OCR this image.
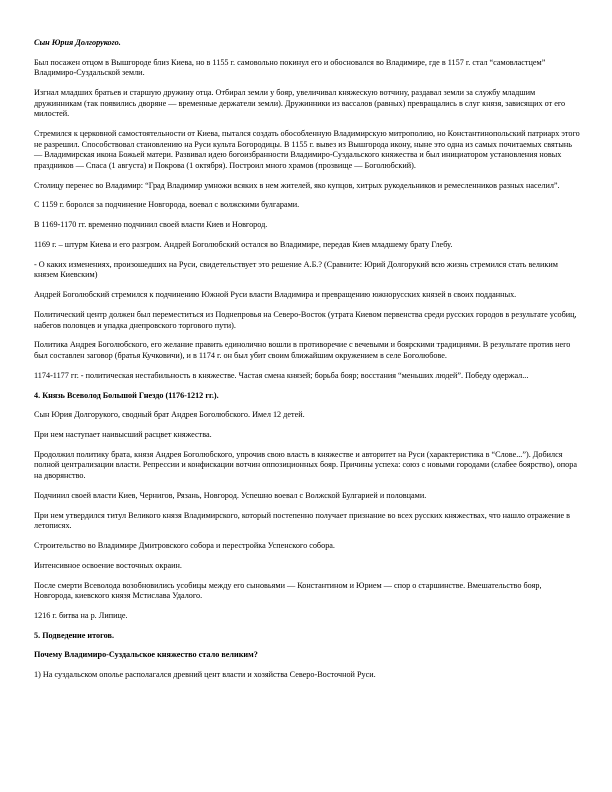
Сын Юрия Долгорукого.

Был посажен отцом в Вышгороде близ Киева, но в 1155 г. самовольно покинул его и обосновался во Владимире, где в 1157 г. стал “самовластцем” Владимиро-Суздальской земли.

Изгнал младших братьев и старшую дружину отца. Отбирал земли у бояр, увеличивал княжескую вотчину, раздавал земли за службу младшим дружинникам (так появились дворяне — временные держатели земли). Дружинники из вассалов (равных) превращались в слуг князя, зависящих от его милостей.

Стремился к церковной самостоятельности от Киева, пытался создать обособленную Владимирскую митрополию, но Константинопольский патриарх этого не разрешил. Способствовал становлению на Руси культа Богородицы. В 1155 г. вывез из Вышгорода икону, ныне это одна из самых почитаемых святынь — Владимирская икона Божьей матери. Развивал идею богоизбранности Владимиро-Суздальского княжества и был инициатором установления новых праздников — Спаса (1 августа) и Покрова (1 октября). Построил много храмов (прозвище — Боголюбский).

Столицу перенес во Владимир: “Град Владимир умножи всяких в нем жителей, яко купцов, хитрых рукодельников и ремесленников разных населил”.

С 1159 г. боролся за подчинение Новгорода, воевал с волжскими булгарами.

В 1169-1170 гг. временно подчинил своей власти Киев и Новгород.

1169 г. – штурм Киева и его разгром. Андрей Боголюбский остался во Владимире, передав Киев младшему брату Глебу.

- О каких изменениях, произошедших на Руси, свидетельствует это решение А.Б.? (Сравните: Юрий Долгорукий всю жизнь стремился стать великим князем Киевским)

Андрей Боголюбский стремился к подчинению Южной Руси власти Владимира и превращению южнорусских князей в своих подданных.

Политический центр должен был переместиться из Поднепровья на Северо-Восток (утрата Киевом первенства среди русских городов в результате усобиц, набегов половцев и упадка днепровского торгового пути).

Политика Андрея Боголюбского, его желание править единолично вошли в противоречие с вечевыми и боярскими традициями. В результате против него был составлен заговор (братья Кучковичи), и в 1174 г. он был убит своим ближайшим окружением в селе Боголюбове.

1174-1177 гг. - политическая нестабильность в княжестве. Частая смена князей; борьба бояр; восстания “меньших людей”. Победу одержал...

4. Князь Всеволод Большой Гнездо (1176-1212 гг.).

Сын Юрия Долгорукого, сводный брат Андрея Боголюбского. Имел 12 детей.

При нем наступает наивысший расцвет княжества.

Продолжил политику брата, князя Андрея Боголюбского, упрочив свою власть в княжестве и авторитет на Руси (характеристика в “Слове...”). Добился полной централизации власти. Репрессии и конфискации вотчин оппозиционных бояр. Причины успеха: союз с новыми городами (слабее боярство), опора на дворянство.

Подчинил своей власти Киев, Чернигов, Рязань, Новгород. Успешно воевал с Волжской Булгарией и половцами.

При нем утвердился титул Великого князя Владимирского, который постепенно получает признание во всех русских княжествах, что нашло отражение в летописях.

Строительство во Владимире Дмитровского собора и перестройка Успенского собора.

Интенсивное освоение восточных окраин.

После смерти Всеволода возобновились усобицы между его сыновьями — Константином и Юрием — спор о старшинстве. Вмешательство бояр, Новгорода, киевского князя Мстислава Удалого.

1216 г. битва на р. Липице.

5. Подведение итогов.

Почему Владимиро-Суздальское княжество стало великим?

1) На суздальском ополье располагался древний цент власти и хозяйства Северо-Восточной Руси.
